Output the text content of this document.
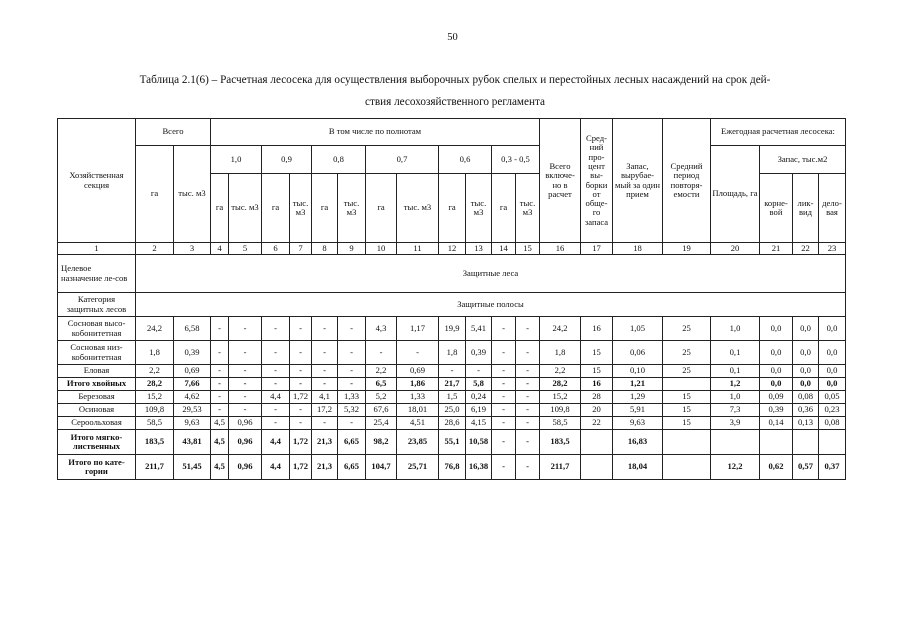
50
Таблица 2.1(6) – Расчетная лесосека для осуществления выборочных рубок спелых и перестойных лесных насаждений на срок дей-
ствия лесохозяйственного регламента
Хозяйственная секция	Всего		В том числе по полнотам												Всего включе-но в расчет	Сред-ний про-цент вы-борки от обще-го запаса	Запас, вырубае-мый за один прием	Средний период повторя-емости	Ежегодная расчетная лесосека:			
	га	тыс. м3	1,0		0,9		0,8		0,7		0,6		0,3 - 0,5						Площадь, га	Запас, тыс.м2		
			га	тыс. м3	га	тыс. м3	га	тыс. м3	га	тыс. м3	га	тыс. м3	га	тыс. м3						корне-вой	лик-вид	дело-вая

1	2	3	4	5	6	7	8	9	10	11	12	13	14	15	16	17	18	19	20	21	22	23
Целевое назначение ле-сов	Защитные леса																					
Категория защитных лесов	Защитные полосы																					
Сосновая высо-кобонитетная	24,2	6,58	-	-	-	-	-	-	4,3	1,17	19,9	5,41	-	-	24,2	16	1,05	25	1,0	0,0	0,0	0,0
Сосновая низ-кобонитетная	1,8	0,39	-	-	-	-	-	-	-	-	1,8	0,39	-	-	1,8	15	0,06	25	0,1	0,0	0,0	0,0
Еловая	2,2	0,69	-	-	-	-	-	-	2,2	0,69	-	-	-	-	2,2	15	0,10	25	0,1	0,0	0,0	0,0
Итого хвойных	28,2	7,66	-	-	-	-	-	-	6,5	1,86	21,7	5,8	-	-	28,2	16	1,21		1,2	0,0	0,0	0,0
Березовая	15,2	4,62	-	-	4,4	1,72	4,1	1,33	5,2	1,33	1,5	0,24	-	-	15,2	28	1,29	15	1,0	0,09	0,08	0,05
Осиновая	109,8	29,53	-	-	-	-	17,2	5,32	67,6	18,01	25,0	6,19	-	-	109,8	20	5,91	15	7,3	0,39	0,36	0,23
Сероольховая	58,5	9,63	4,5	0,96	-	-	-	-	25,4	4,51	28,6	4,15	-	-	58,5	22	9,63	15	3,9	0,14	0,13	0,08
Итого мягко-лиственных	183,5	43,81	4,5	0,96	4,4	1,72	21,3	6,65	98,2	23,85	55,1	10,58	-	-	183,5		16,83					
Итого по кате-гории	211,7	51,45	4,5	0,96	4,4	1,72	21,3	6,65	104,7	25,71	76,8	16,38	-	-	211,7		18,04		12,2	0,62	0,57	0,37
